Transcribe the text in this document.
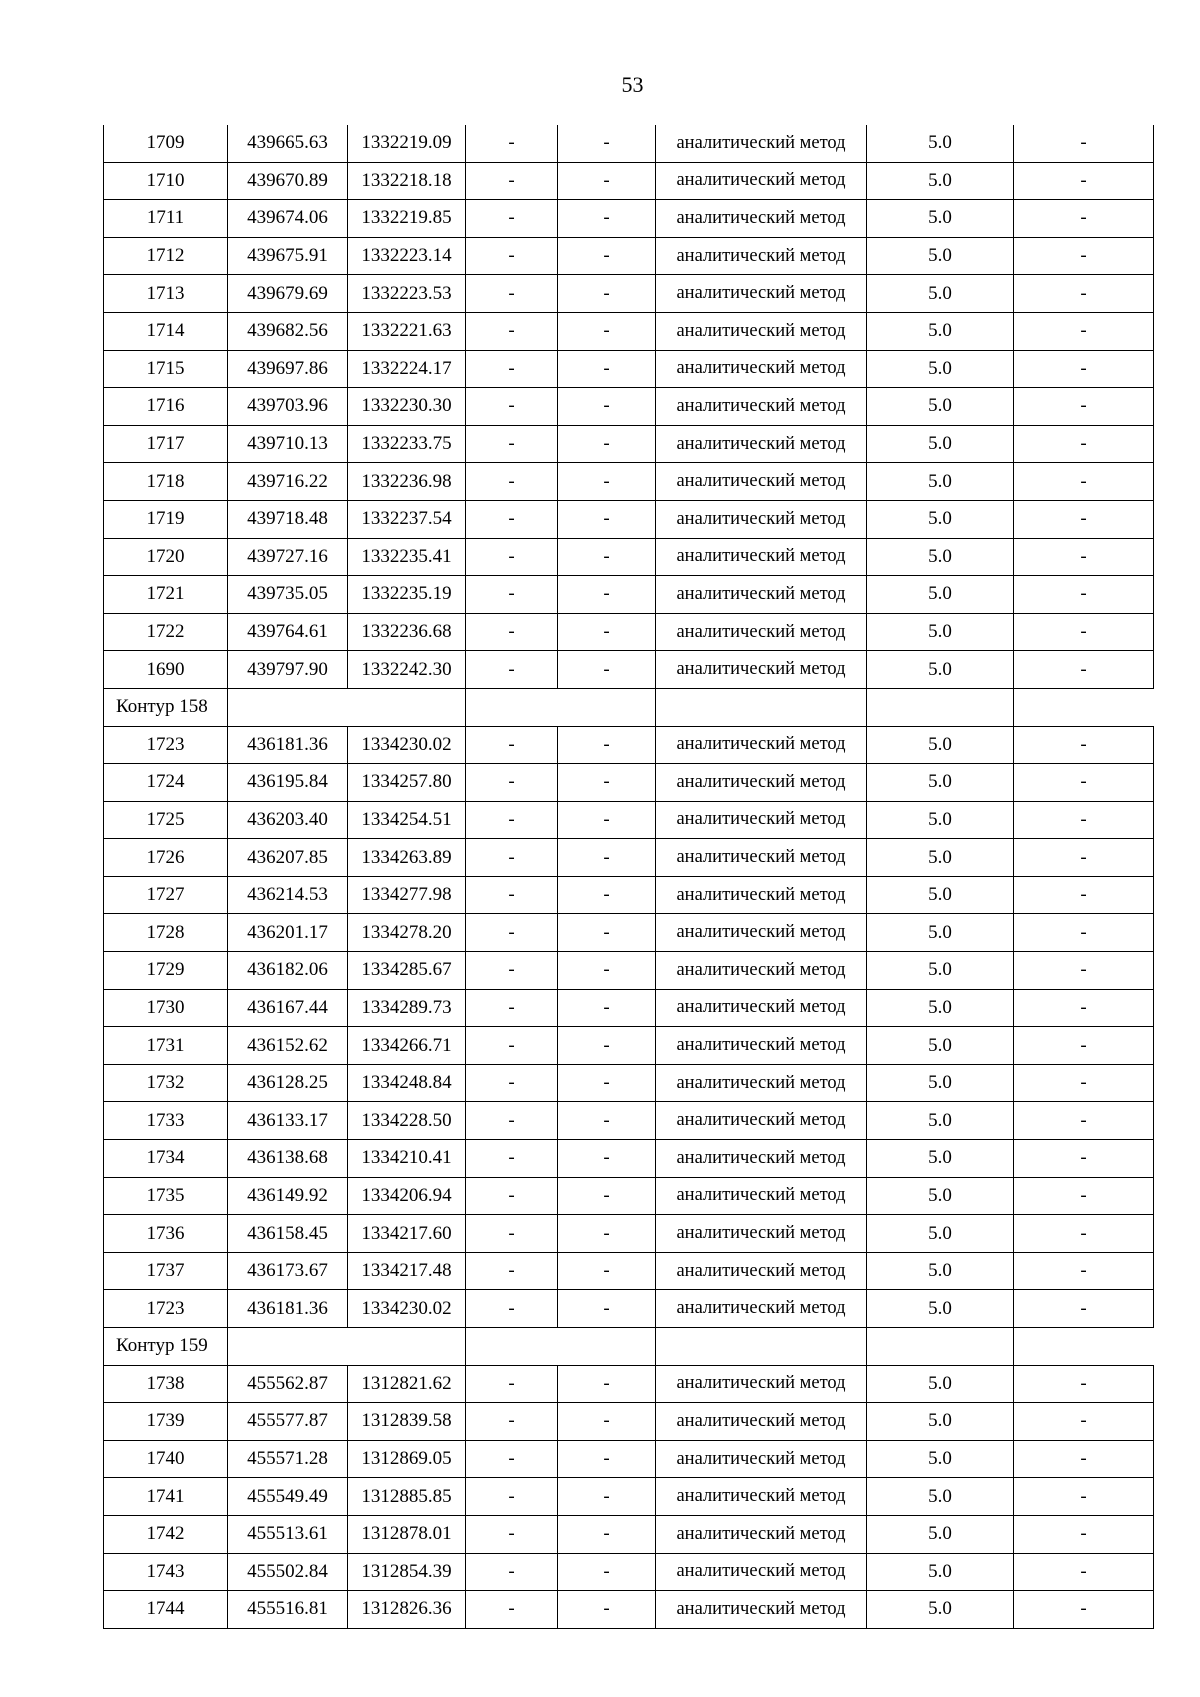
53
1709	439665.63	1332219.09	-	-	аналитический метод	5.0	-
1710	439670.89	1332218.18	-	-	аналитический метод	5.0	-
1711	439674.06	1332219.85	-	-	аналитический метод	5.0	-
1712	439675.91	1332223.14	-	-	аналитический метод	5.0	-
1713	439679.69	1332223.53	-	-	аналитический метод	5.0	-
1714	439682.56	1332221.63	-	-	аналитический метод	5.0	-
1715	439697.86	1332224.17	-	-	аналитический метод	5.0	-
1716	439703.96	1332230.30	-	-	аналитический метод	5.0	-
1717	439710.13	1332233.75	-	-	аналитический метод	5.0	-
1718	439716.22	1332236.98	-	-	аналитический метод	5.0	-
1719	439718.48	1332237.54	-	-	аналитический метод	5.0	-
1720	439727.16	1332235.41	-	-	аналитический метод	5.0	-
1721	439735.05	1332235.19	-	-	аналитический метод	5.0	-
1722	439764.61	1332236.68	-	-	аналитический метод	5.0	-
1690	439797.90	1332242.30	-	-	аналитический метод	5.0	-
Контур 158							
1723	436181.36	1334230.02	-	-	аналитический метод	5.0	-
1724	436195.84	1334257.80	-	-	аналитический метод	5.0	-
1725	436203.40	1334254.51	-	-	аналитический метод	5.0	-
1726	436207.85	1334263.89	-	-	аналитический метод	5.0	-
1727	436214.53	1334277.98	-	-	аналитический метод	5.0	-
1728	436201.17	1334278.20	-	-	аналитический метод	5.0	-
1729	436182.06	1334285.67	-	-	аналитический метод	5.0	-
1730	436167.44	1334289.73	-	-	аналитический метод	5.0	-
1731	436152.62	1334266.71	-	-	аналитический метод	5.0	-
1732	436128.25	1334248.84	-	-	аналитический метод	5.0	-
1733	436133.17	1334228.50	-	-	аналитический метод	5.0	-
1734	436138.68	1334210.41	-	-	аналитический метод	5.0	-
1735	436149.92	1334206.94	-	-	аналитический метод	5.0	-
1736	436158.45	1334217.60	-	-	аналитический метод	5.0	-
1737	436173.67	1334217.48	-	-	аналитический метод	5.0	-
1723	436181.36	1334230.02	-	-	аналитический метод	5.0	-
Контур 159							
1738	455562.87	1312821.62	-	-	аналитический метод	5.0	-
1739	455577.87	1312839.58	-	-	аналитический метод	5.0	-
1740	455571.28	1312869.05	-	-	аналитический метод	5.0	-
1741	455549.49	1312885.85	-	-	аналитический метод	5.0	-
1742	455513.61	1312878.01	-	-	аналитический метод	5.0	-
1743	455502.84	1312854.39	-	-	аналитический метод	5.0	-
1744	455516.81	1312826.36	-	-	аналитический метод	5.0	-
